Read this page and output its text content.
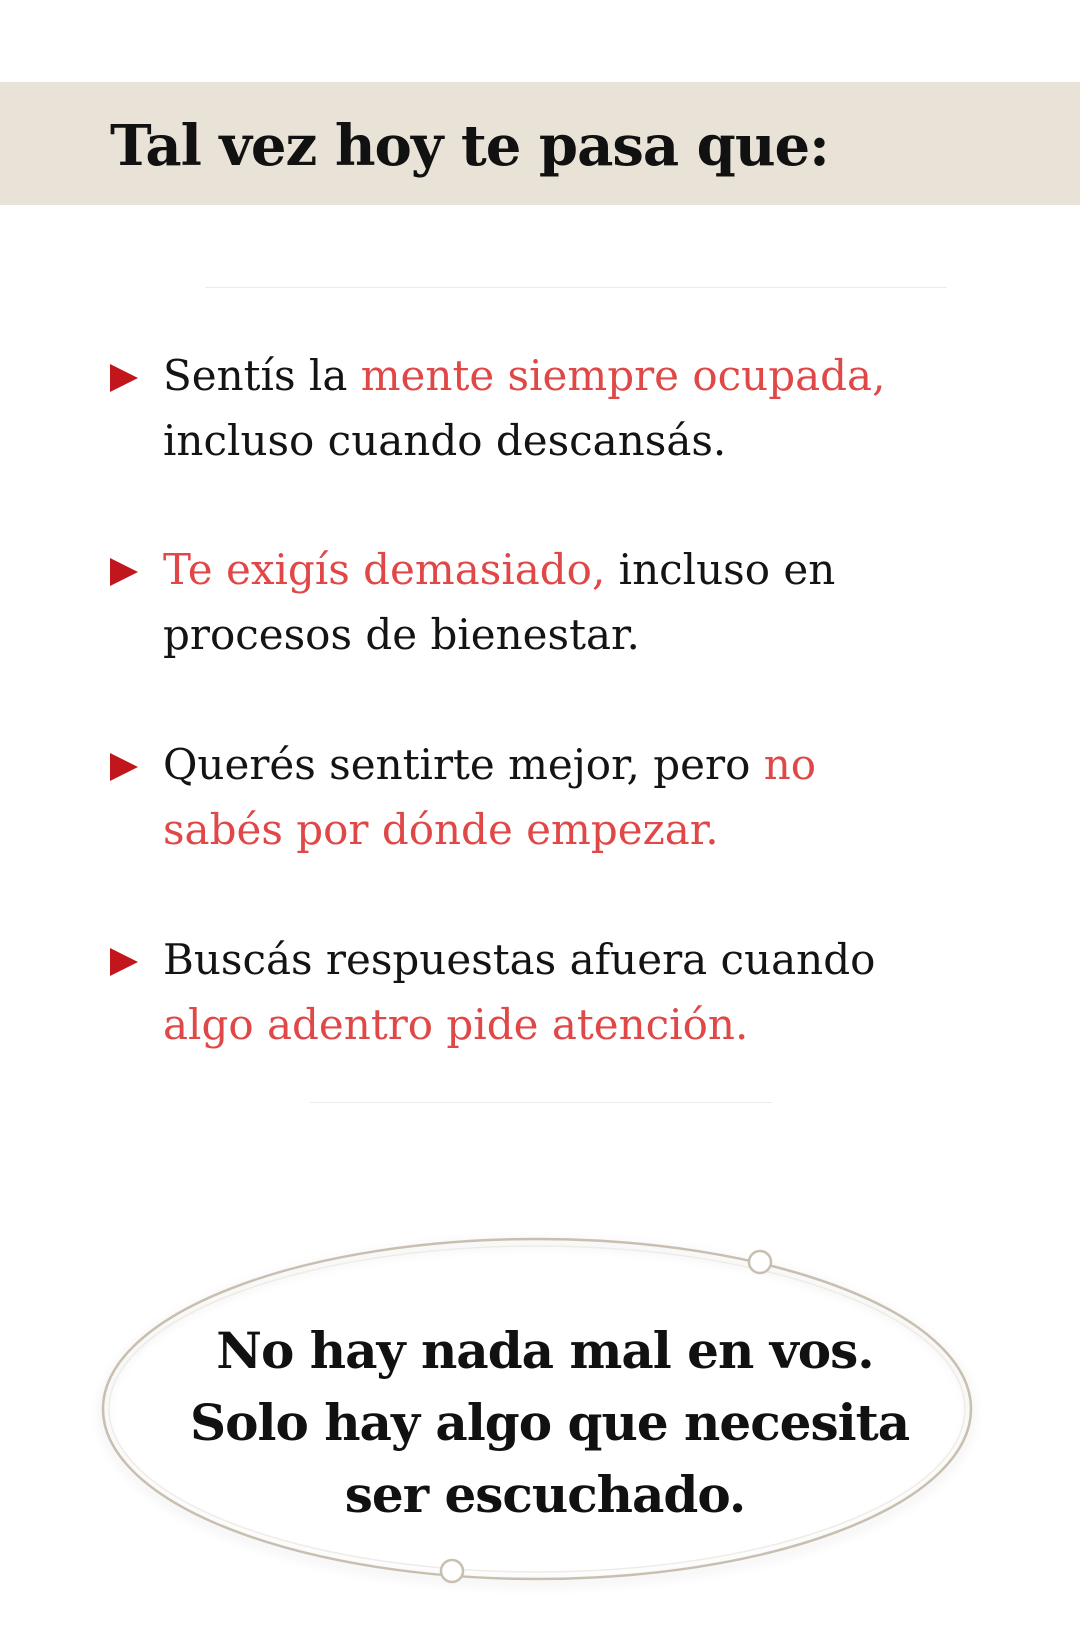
Tal vez hoy te pasa que:

Sentís la mente siempre ocupada, incluso cuando descansás.

Te exigís demasiado, incluso en procesos de bienestar.

Querés sentirte mejor, pero no sabés por dónde empezar.

Buscás respuestas afuera cuando algo adentro pide atención.

No hay nada mal en vos.
Solo hay algo que necesita
ser escuchado.
